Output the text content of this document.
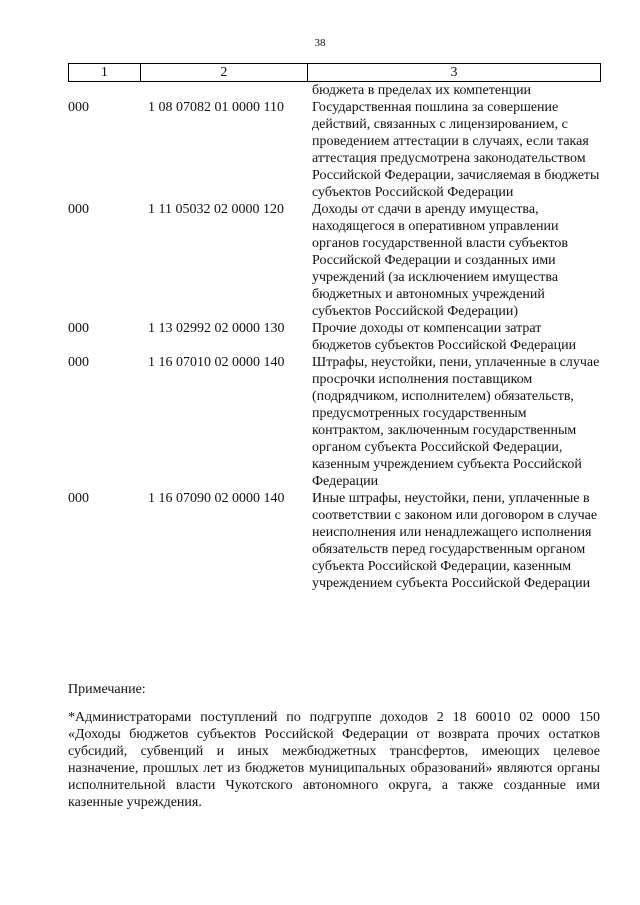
38
1	2	3
бюджета в пределах их компетенции
000	1 08 07082 01 0000 110	Государственная пошлина за совершение действий, связанных с лицензированием, с проведением аттестации в случаях, если такая аттестация предусмотрена законодательством Российской Федерации, зачисляемая в бюджеты субъектов Российской Федерации
000	1 11 05032 02 0000 120	Доходы от сдачи в аренду имущества, находящегося в оперативном управлении органов государственной власти субъектов Российской Федерации и созданных ими учреждений (за исключением имущества бюджетных и автономных учреждений субъектов Российской Федерации)
000	1 13 02992 02 0000 130	Прочие доходы от компенсации затрат бюджетов субъектов Российской Федерации
000	1 16 07010 02 0000 140	Штрафы, неустойки, пени, уплаченные в случае просрочки исполнения поставщиком (подрядчиком, исполнителем) обязательств, предусмотренных государственным контрактом, заключенным государственным органом субъекта Российской Федерации, казенным учреждением субъекта Российской Федерации
000	1 16 07090 02 0000 140	Иные штрафы, неустойки, пени, уплаченные в соответствии с законом или договором в случае неисполнения или ненадлежащего исполнения обязательств перед государственным органом субъекта Российской Федерации, казенным учреждением субъекта Российской Федерации
Примечание:
*Администраторами поступлений по подгруппе доходов 2 18 60010 02 0000 150 «Доходы бюджетов субъектов Российской Федерации от возврата прочих остатков субсидий, субвенций и иных межбюджетных трансфертов, имеющих целевое назначение, прошлых лет из бюджетов муниципальных образований» являются органы исполнительной власти Чукотского автономного округа, а также созданные ими казенные учреждения.
